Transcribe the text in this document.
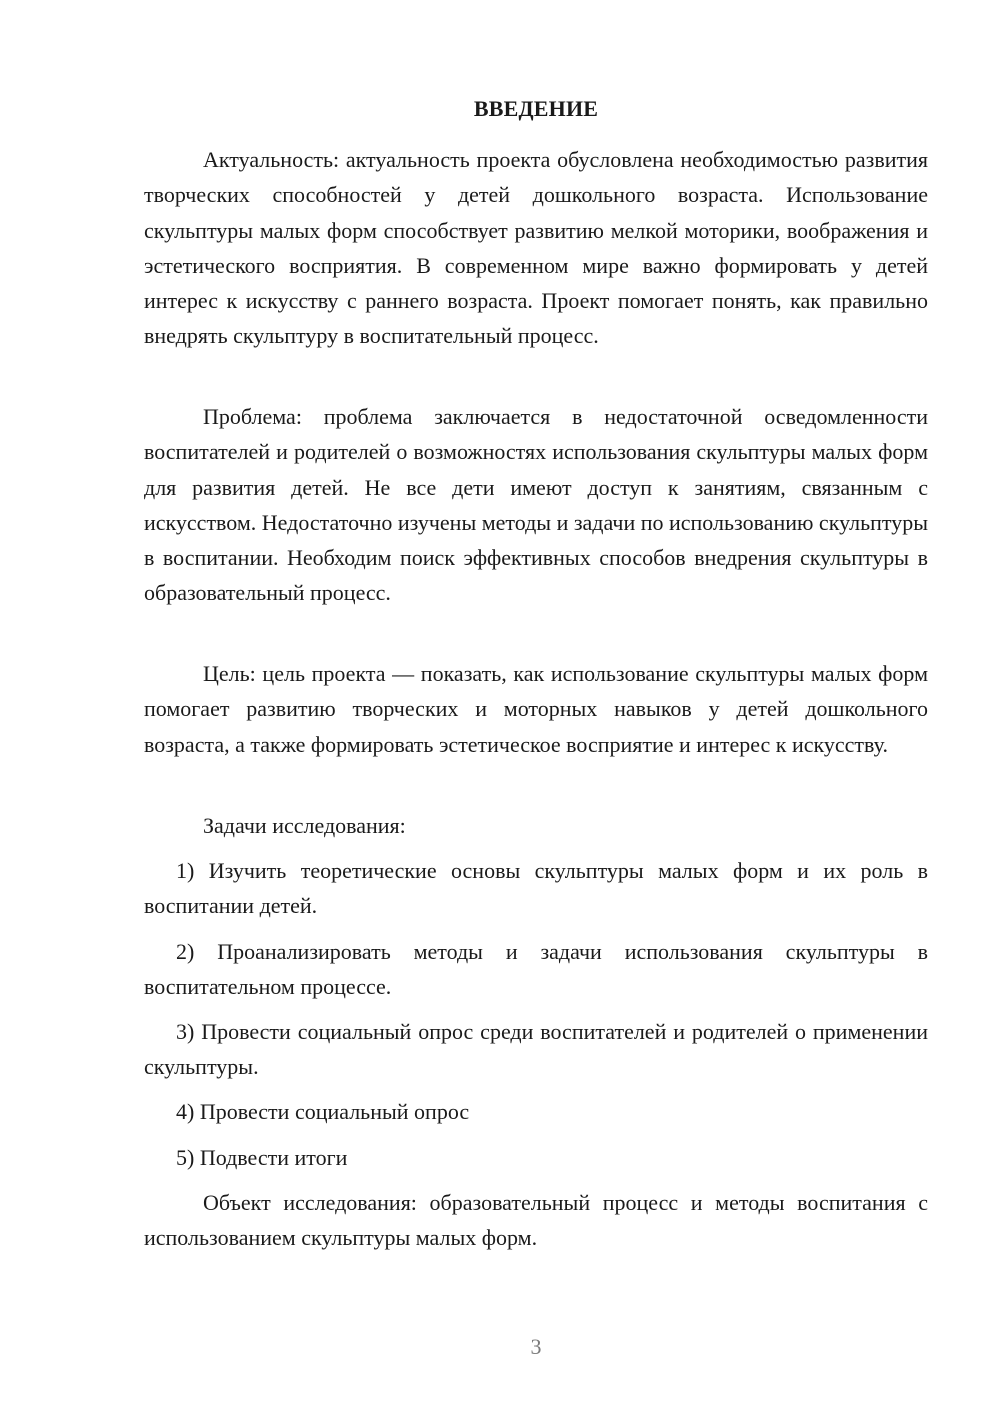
ВВЕДЕНИЕ

Актуальность: актуальность проекта обусловлена необходимостью развития творческих способностей у детей дошкольного возраста. Использование скульптуры малых форм способствует развитию мелкой моторики, воображения и эстетического восприятия. В современном мире важно формировать у детей интерес к искусству с раннего возраста. Проект помогает понять, как правильно внедрять скульптуру в воспитательный процесс.

Проблема: проблема заключается в недостаточной осведомленности воспитателей и родителей о возможностях использования скульптуры малых форм для развития детей. Не все дети имеют доступ к занятиям, связанным с искусством. Недостаточно изучены методы и задачи по использованию скульптуры в воспитании. Необходим поиск эффективных способов внедрения скульптуры в образовательный процесс.

Цель: цель проекта — показать, как использование скульптуры малых форм помогает развитию творческих и моторных навыков у детей дошкольного возраста, а также формировать эстетическое восприятие и интерес к искусству.

Задачи исследования:

1) Изучить теоретические основы скульптуры малых форм и их роль в воспитании детей.

2) Проанализировать методы и задачи использования скульптуры в воспитательном процессе.

3) Провести социальный опрос среди воспитателей и родителей о применении скульптуры.

4) Провести социальный опрос

5) Подвести итоги

Объект исследования: образовательный процесс и методы воспитания с использованием скульптуры малых форм.

3
